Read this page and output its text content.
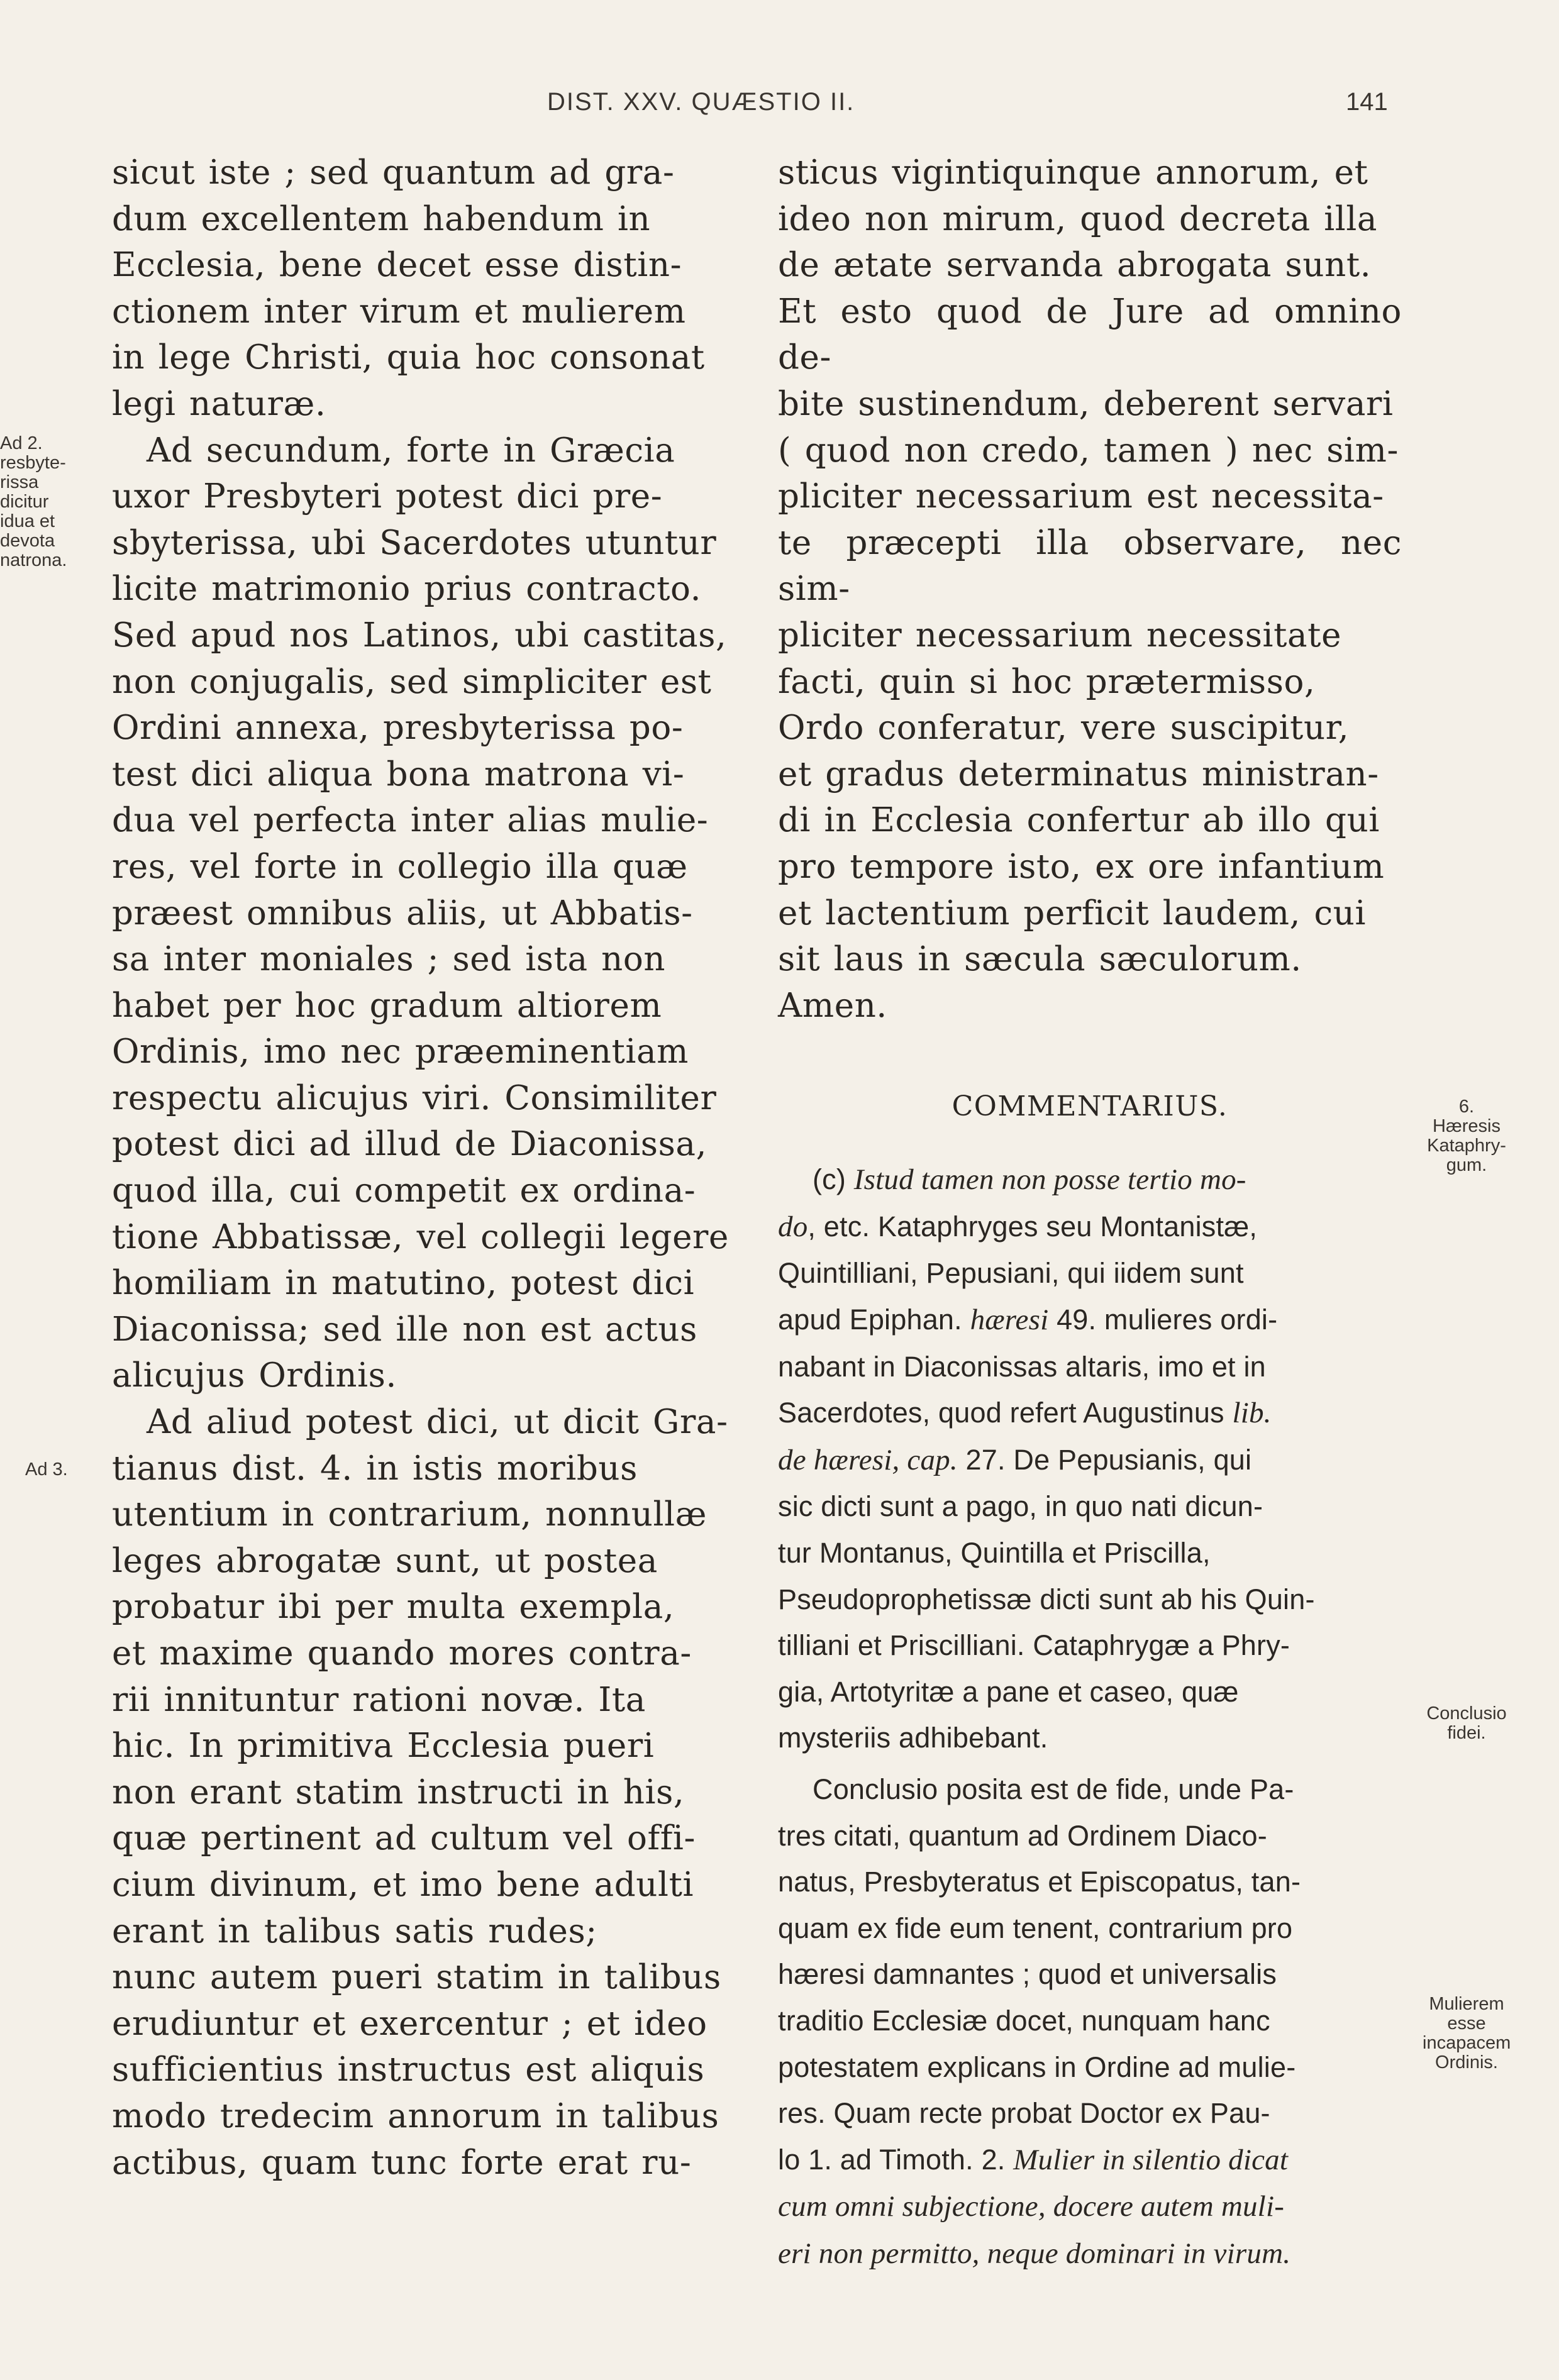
DIST. XXV. QUÆSTIO II.	141

sicut iste ; sed quantum ad gra-
dum excellentem habendum in
Ecclesia, bene decet esse distin-
ctionem inter virum et mulierem
in lege Christi, quia hoc consonat
legi naturæ.

Ad secundum, forte in Græcia
uxor Presbyteri potest dici pre-
sbyterissa, ubi Sacerdotes utuntur
licite matrimonio prius contracto.
Sed apud nos Latinos, ubi castitas,
non conjugalis, sed simpliciter est
Ordini annexa, presbyterissa po-
test dici aliqua bona matrona vi-
dua vel perfecta inter alias mulie-
res, vel forte in collegio illa quæ
præest omnibus aliis, ut Abbatis-
sa inter moniales ; sed ista non
habet per hoc gradum altiorem
Ordinis, imo nec præeminentiam
respectu alicujus viri. Consimiliter
potest dici ad illud de Diaconissa,
quod illa, cui competit ex ordina-
tione Abbatissæ, vel collegii legere
homiliam in matutino, potest dici
Diaconissa; sed ille non est actus
alicujus Ordinis.

Ad aliud potest dici, ut dicit Gra-
tianus dist. 4. in istis moribus
utentium in contrarium, nonnullæ
leges abrogatæ sunt, ut postea
probatur ibi per multa exempla,
et maxime quando mores contra-
rii innituntur rationi novæ. Ita
hic. In primitiva Ecclesia pueri
non erant statim instructi in his,
quæ pertinent ad cultum vel offi-
cium divinum, et imo bene adulti
erant in talibus satis rudes;
nunc autem pueri statim in talibus
erudiuntur et exercentur ; et ideo
sufficientius instructus est aliquis
modo tredecim annorum in talibus
actibus, quam tunc forte erat ru-

sticus vigintiquinque annorum, et
ideo non mirum, quod decreta illa
de ætate servanda abrogata sunt.
Et esto quod de Jure ad omnino de-
bite sustinendum, deberent servari
( quod non credo, tamen ) nec sim-
pliciter necessarium est necessita-
te præcepti illa observare, nec sim-
pliciter necessarium necessitate
facti, quin si hoc prætermisso,
Ordo conferatur, vere suscipitur,
et gradus determinatus ministran-
di in Ecclesia confertur ab illo qui
pro tempore isto, ex ore infantium
et lactentium perficit laudem, cui
sit laus in sæcula sæculorum.
Amen.

COMMENTARIUS.

(c) Istud tamen non posse tertio mo-
do, etc. Kataphryges seu Montanistæ,
Quintilliani, Pepusiani, qui iidem sunt
apud Epiphan. hæresi 49. mulieres ordi-
nabant in Diaconissas altaris, imo et in
Sacerdotes, quod refert Augustinus lib.
de hæresi, cap. 27. De Pepusianis, qui
sic dicti sunt a pago, in quo nati dicun-
tur Montanus, Quintilla et Priscilla,
Pseudoprophetissæ dicti sunt ab his Quin-
tilliani et Priscilliani. Cataphrygæ a Phry-
gia, Artotyritæ a pane et caseo, quæ
mysteriis adhibebant.

Conclusio posita est de fide, unde Pa-
tres citati, quantum ad Ordinem Diaco-
natus, Presbyteratus et Episcopatus, tan-
quam ex fide eum tenent, contrarium pro
hæresi damnantes ; quod et universalis
traditio Ecclesiæ docet, nunquam hanc
potestatem explicans in Ordine ad mulie-
res. Quam recte probat Doctor ex Pau-
lo 1. ad Timoth. 2. Mulier in silentio dicat
cum omni subjectione, docere autem muli-
eri non permitto, neque dominari in virum.

Ad 2.
resbyte-
rissa
dicitur
idua et
devota
natrona.
Ad 3.
6.
Hæresis
Kataphry-
gum.
Conclusio
fidei.
Mulierem
esse
incapacem
Ordinis.
